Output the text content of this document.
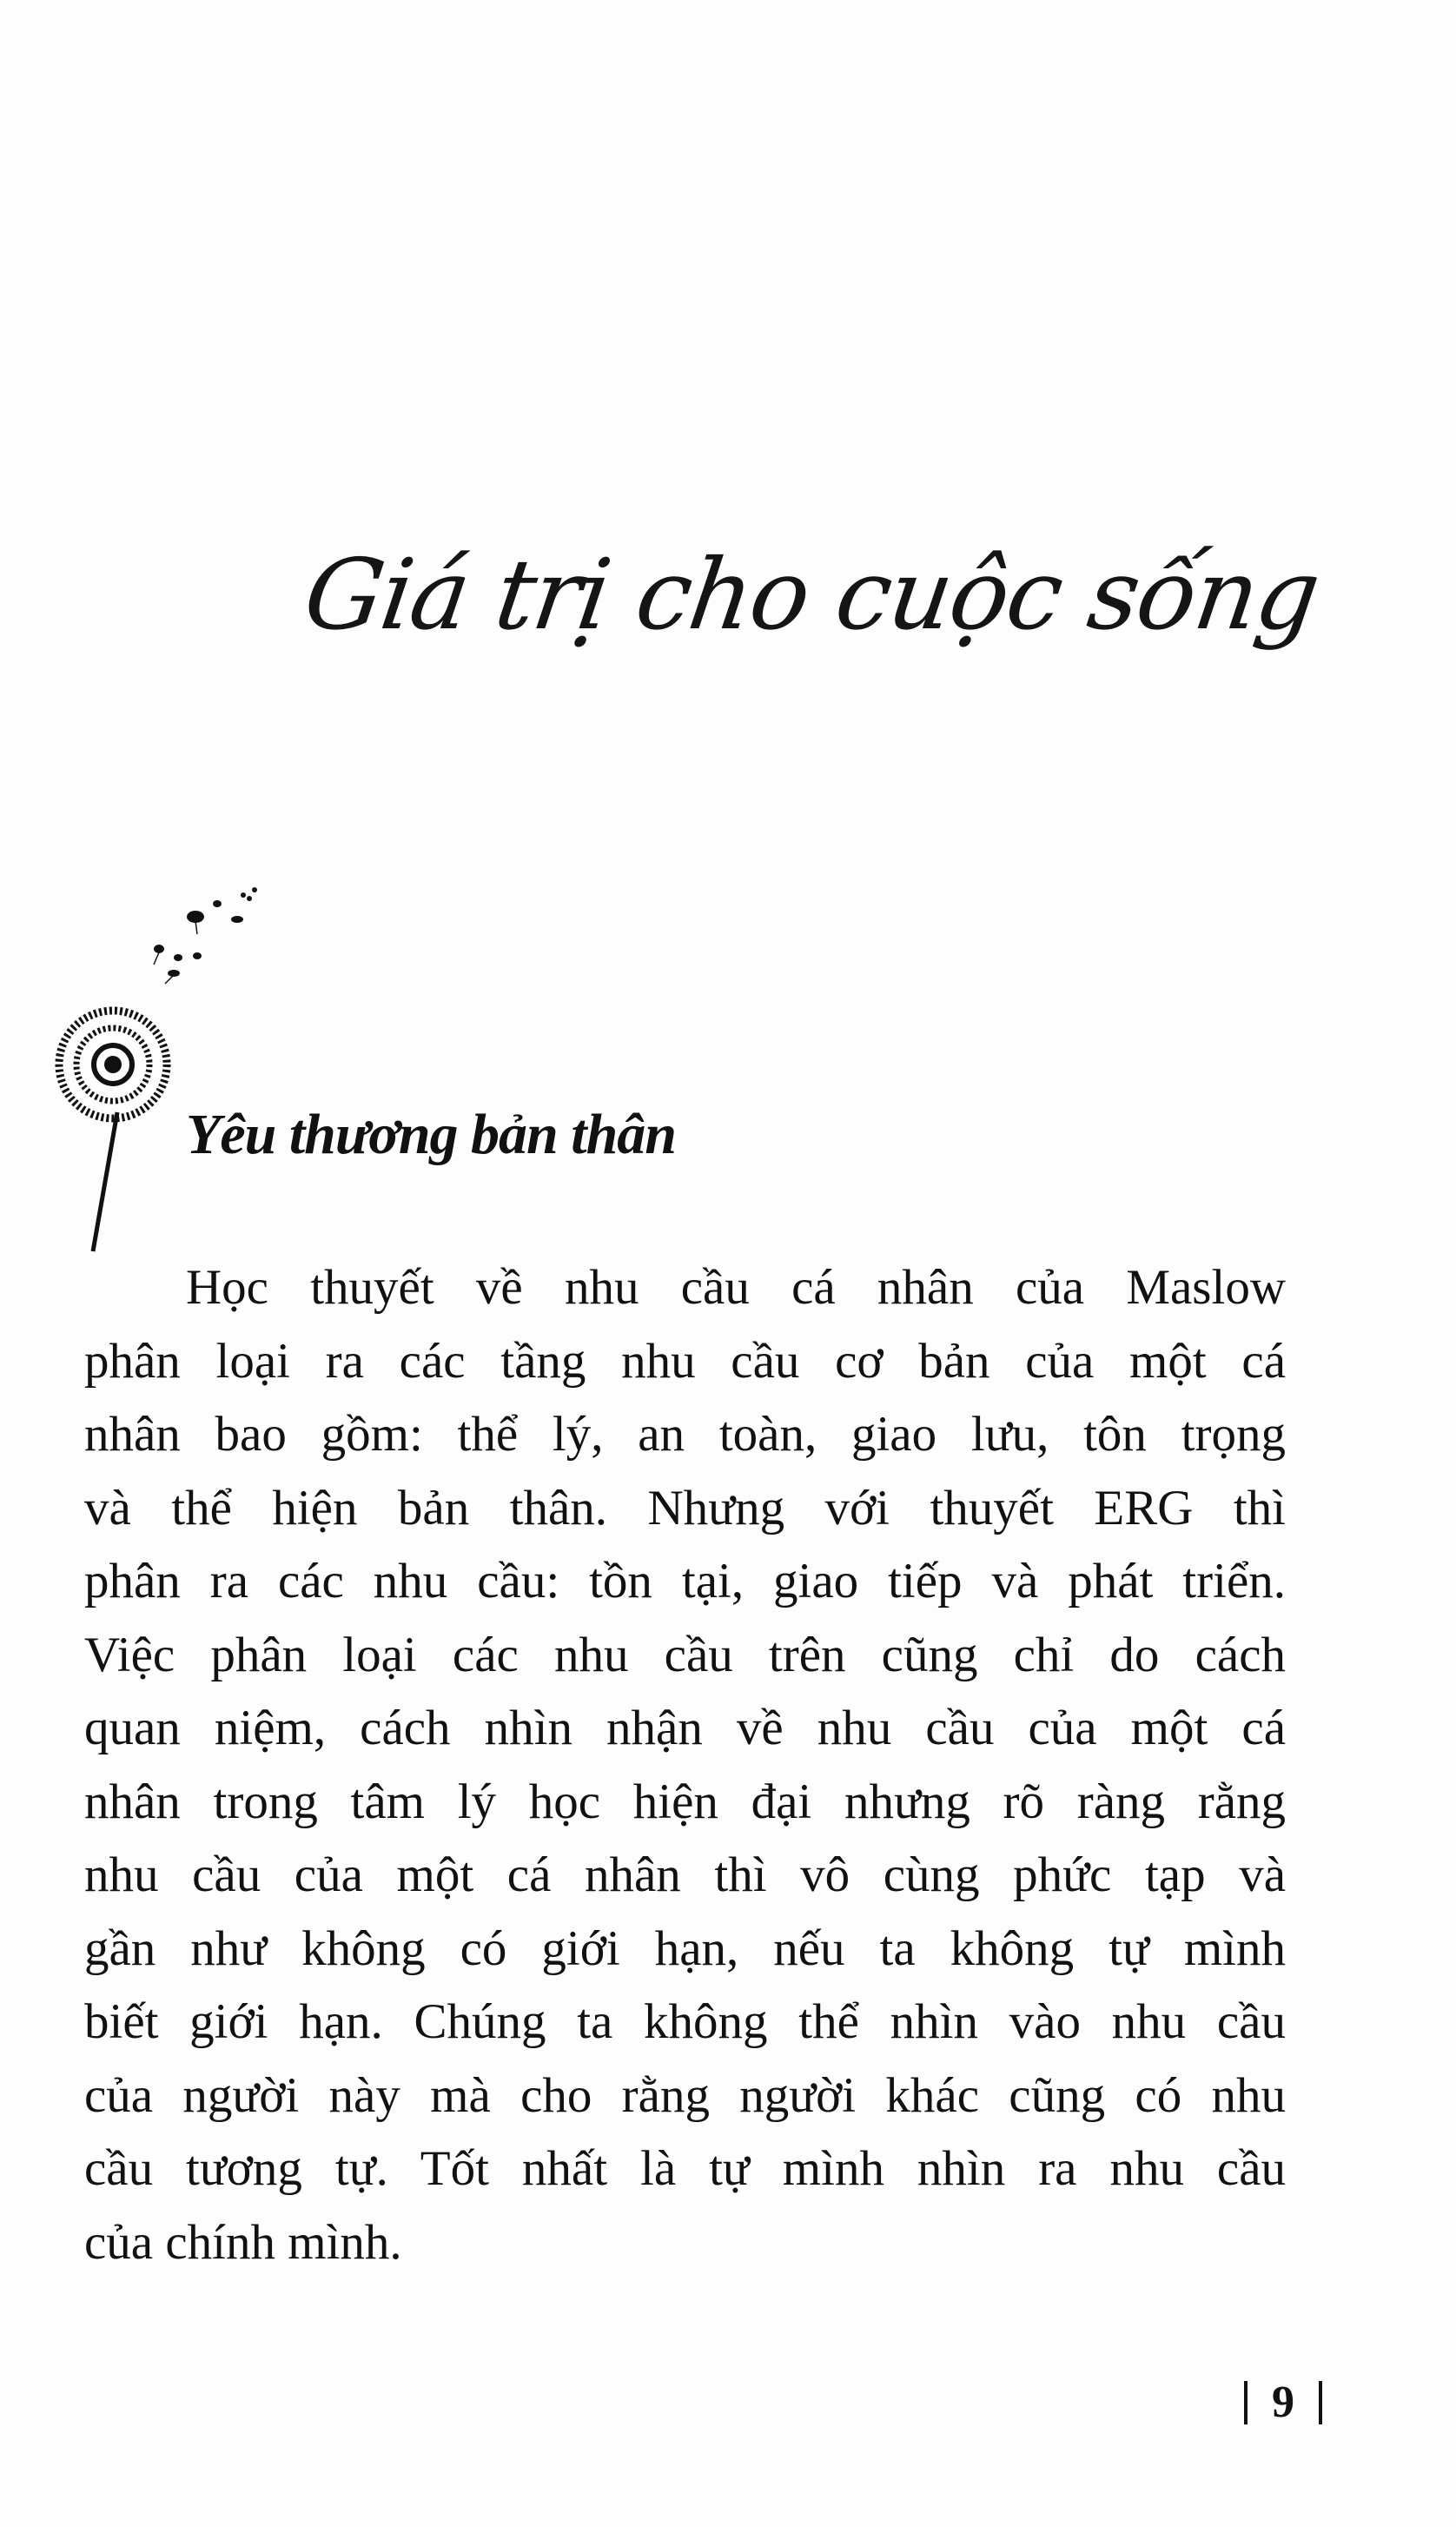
Giá trị cho cuộc sống
Yêu thương bản thân
Học thuyết về nhu cầu cá nhân của Maslow
phân loại ra các tầng nhu cầu cơ bản của một cá
nhân bao gồm: thể lý, an toàn, giao lưu, tôn trọng
và thể hiện bản thân. Nhưng với thuyết ERG thì
phân ra các nhu cầu: tồn tại, giao tiếp và phát triển.
Việc phân loại các nhu cầu trên cũng chỉ do cách
quan niệm, cách nhìn nhận về nhu cầu của một cá
nhân trong tâm lý học hiện đại nhưng rõ ràng rằng
nhu cầu của một cá nhân thì vô cùng phức tạp và
gần như không có giới hạn, nếu ta không tự mình
biết giới hạn. Chúng ta không thể nhìn vào nhu cầu
của người này mà cho rằng người khác cũng có nhu
cầu tương tự. Tốt nhất là tự mình nhìn ra nhu cầu
của chính mình.
9
